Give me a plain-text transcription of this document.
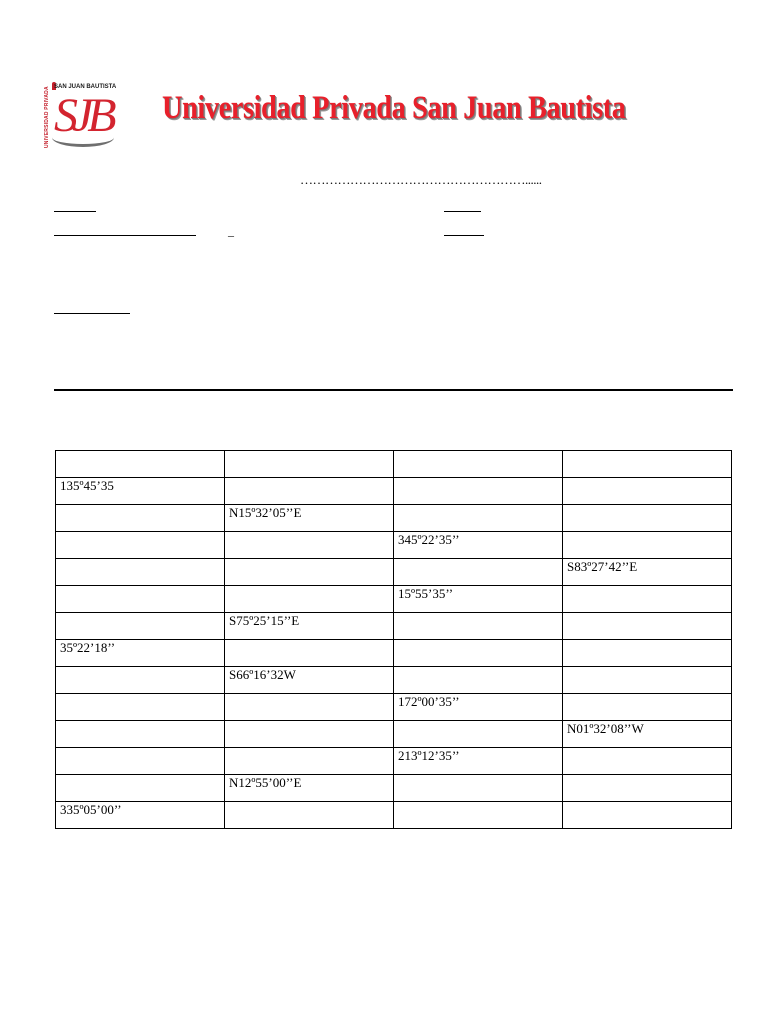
UNIVERSIDAD PRIVADA SAN JUAN BAUTISTA
SJB Universidad Privada San Juan Bautista
………………………………………………......
–

135º45’35			
	N15º32’05’’E		
		345º22’35’’	
			S83º27’42’’E
		15º55’35’’	
	S75º25’15’’E		
35º22’18’’			
	S66º16’32W		
		172º00’35’’	
			N01º32’08’’W
		213º12’35’’	
	N12º55’00’’E		
335º05’00’’			
